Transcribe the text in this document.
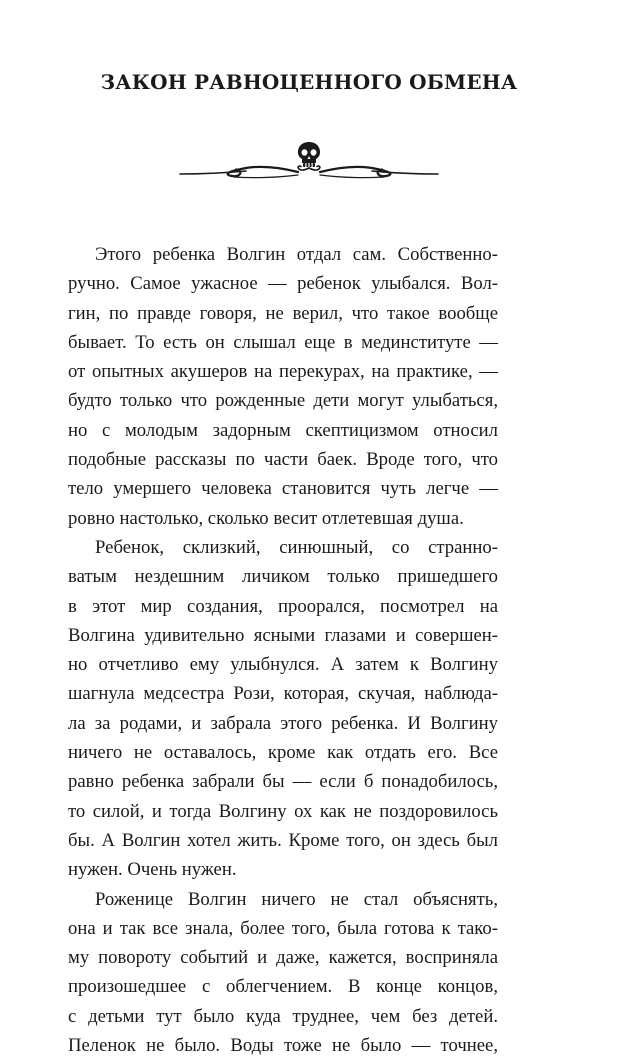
ЗАКОН РАВНОЦЕННОГО ОБМЕНА

Этого ребенка Волгин отдал сам. Собственно-
ручно. Самое ужасное — ребенок улыбался. Вол-
гин, по правде говоря, не верил, что такое вообще
бывает. То есть он слышал еще в мединституте —
от опытных акушеров на перекурах, на практике, —
будто только что рожденные дети могут улыбаться,
но с молодым задорным скептицизмом относил
подобные рассказы по части баек. Вроде того, что
тело умершего человека становится чуть легче —
ровно настолько, сколько весит отлетевшая душа.

Ребенок, склизкий, синюшный, со странно-
ватым нездешним личиком только пришедшего
в этот мир создания, проорался, посмотрел на
Волгина удивительно ясными глазами и совершен-
но отчетливо ему улыбнулся. А затем к Волгину
шагнула медсестра Рози, которая, скучая, наблюда-
ла за родами, и забрала этого ребенка. И Волгину
ничего не оставалось, кроме как отдать его. Все
равно ребенка забрали бы — если б понадобилось,
то силой, и тогда Волгину ох как не поздоровилось
бы. А Волгин хотел жить. Кроме того, он здесь был
нужен. Очень нужен.

Роженице Волгин ничего не стал объяснять,
она и так все знала, более того, была готова к тако-
му повороту событий и даже, кажется, восприняла
произошедшее с облегчением. В конце концов,
с детьми тут было куда труднее, чем без детей.
Пеленок не было. Воды тоже не было — точнее,
